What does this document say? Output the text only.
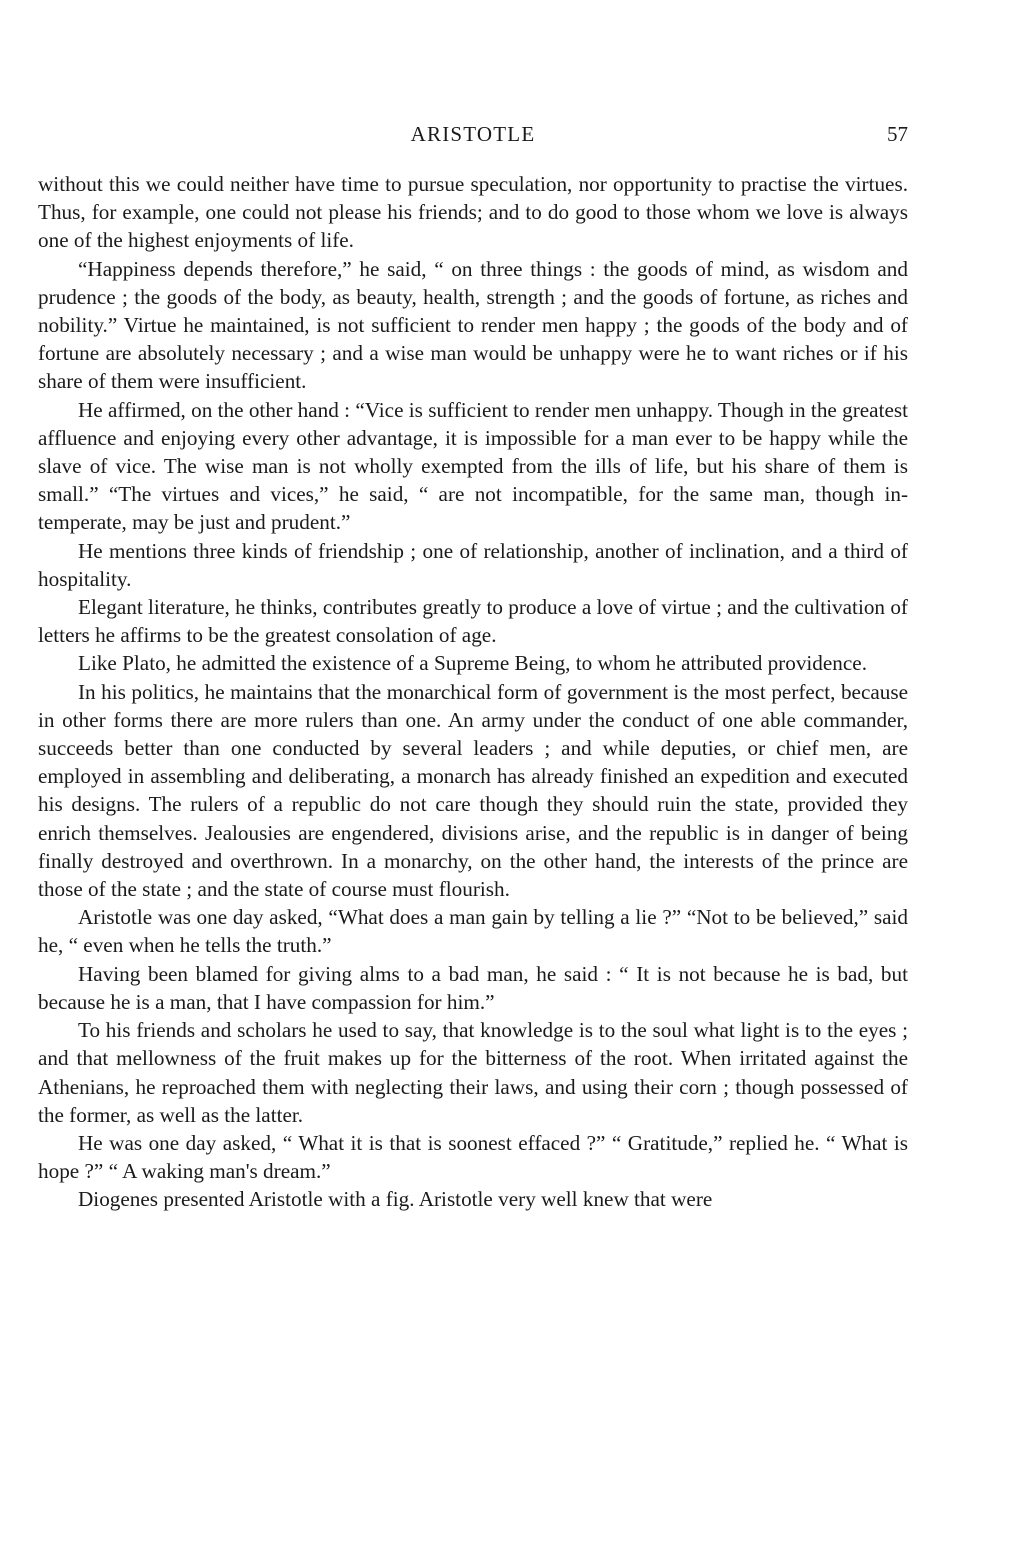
ARISTOTLE	57

without this we could neither have time to pursue speculation, nor opportunity to practise the virtues. Thus, for example, one could not please his friends; and to do good to those whom we love is always one of the highest enjoyments of life.

“Happiness depends therefore,” he said, “ on three things : the goods of mind, as wisdom and prudence ; the goods of the body, as beauty, health, strength ; and the goods of fortune, as riches and nobility.” Virtue he maintained, is not sufficient to render men happy ; the goods of the body and of fortune are absolutely necessary ; and a wise man would be unhappy were he to want riches or if his share of them were insufficient.

He affirmed, on the other hand : “Vice is sufficient to render men unhappy. Though in the greatest affluence and enjoying every other advantage, it is impossible for a man ever to be happy while the slave of vice. The wise man is not wholly exempted from the ills of life, but his share of them is small.” “The virtues and vices,” he said, “ are not incompatible, for the same man, though intemperate, may be just and prudent.”

He mentions three kinds of friendship ; one of relationship, another of inclination, and a third of hospitality.

Elegant literature, he thinks, contributes greatly to produce a love of virtue ; and the cultivation of letters he affirms to be the greatest consolation of age.

Like Plato, he admitted the existence of a Supreme Being, to whom he attributed providence.

In his politics, he maintains that the monarchical form of government is the most perfect, because in other forms there are more rulers than one. An army under the conduct of one able commander, succeeds better than one conducted by several leaders ; and while deputies, or chief men, are employed in assembling and deliberating, a monarch has already finished an expedition and executed his designs. The rulers of a republic do not care though they should ruin the state, provided they enrich themselves. Jealousies are engendered, divisions arise, and the republic is in danger of being finally destroyed and overthrown. In a monarchy, on the other hand, the interests of the prince are those of the state ; and the state of course must flourish.

Aristotle was one day asked, “What does a man gain by telling a lie ?” “Not to be believed,” said he, “ even when he tells the truth.”

Having been blamed for giving alms to a bad man, he said : “ It is not because he is bad, but because he is a man, that I have compassion for him.”

To his friends and scholars he used to say, that knowledge is to the soul what light is to the eyes ; and that mellowness of the fruit makes up for the bitterness of the root. When irritated against the Athenians, he reproached them with neglecting their laws, and using their corn ; though possessed of the former, as well as the latter.

He was one day asked, “ What it is that is soonest effaced ?” “ Gratitude,” replied he. “ What is hope ?” “ A waking man's dream.”

Diogenes presented Aristotle with a fig. Aristotle very well knew that were
